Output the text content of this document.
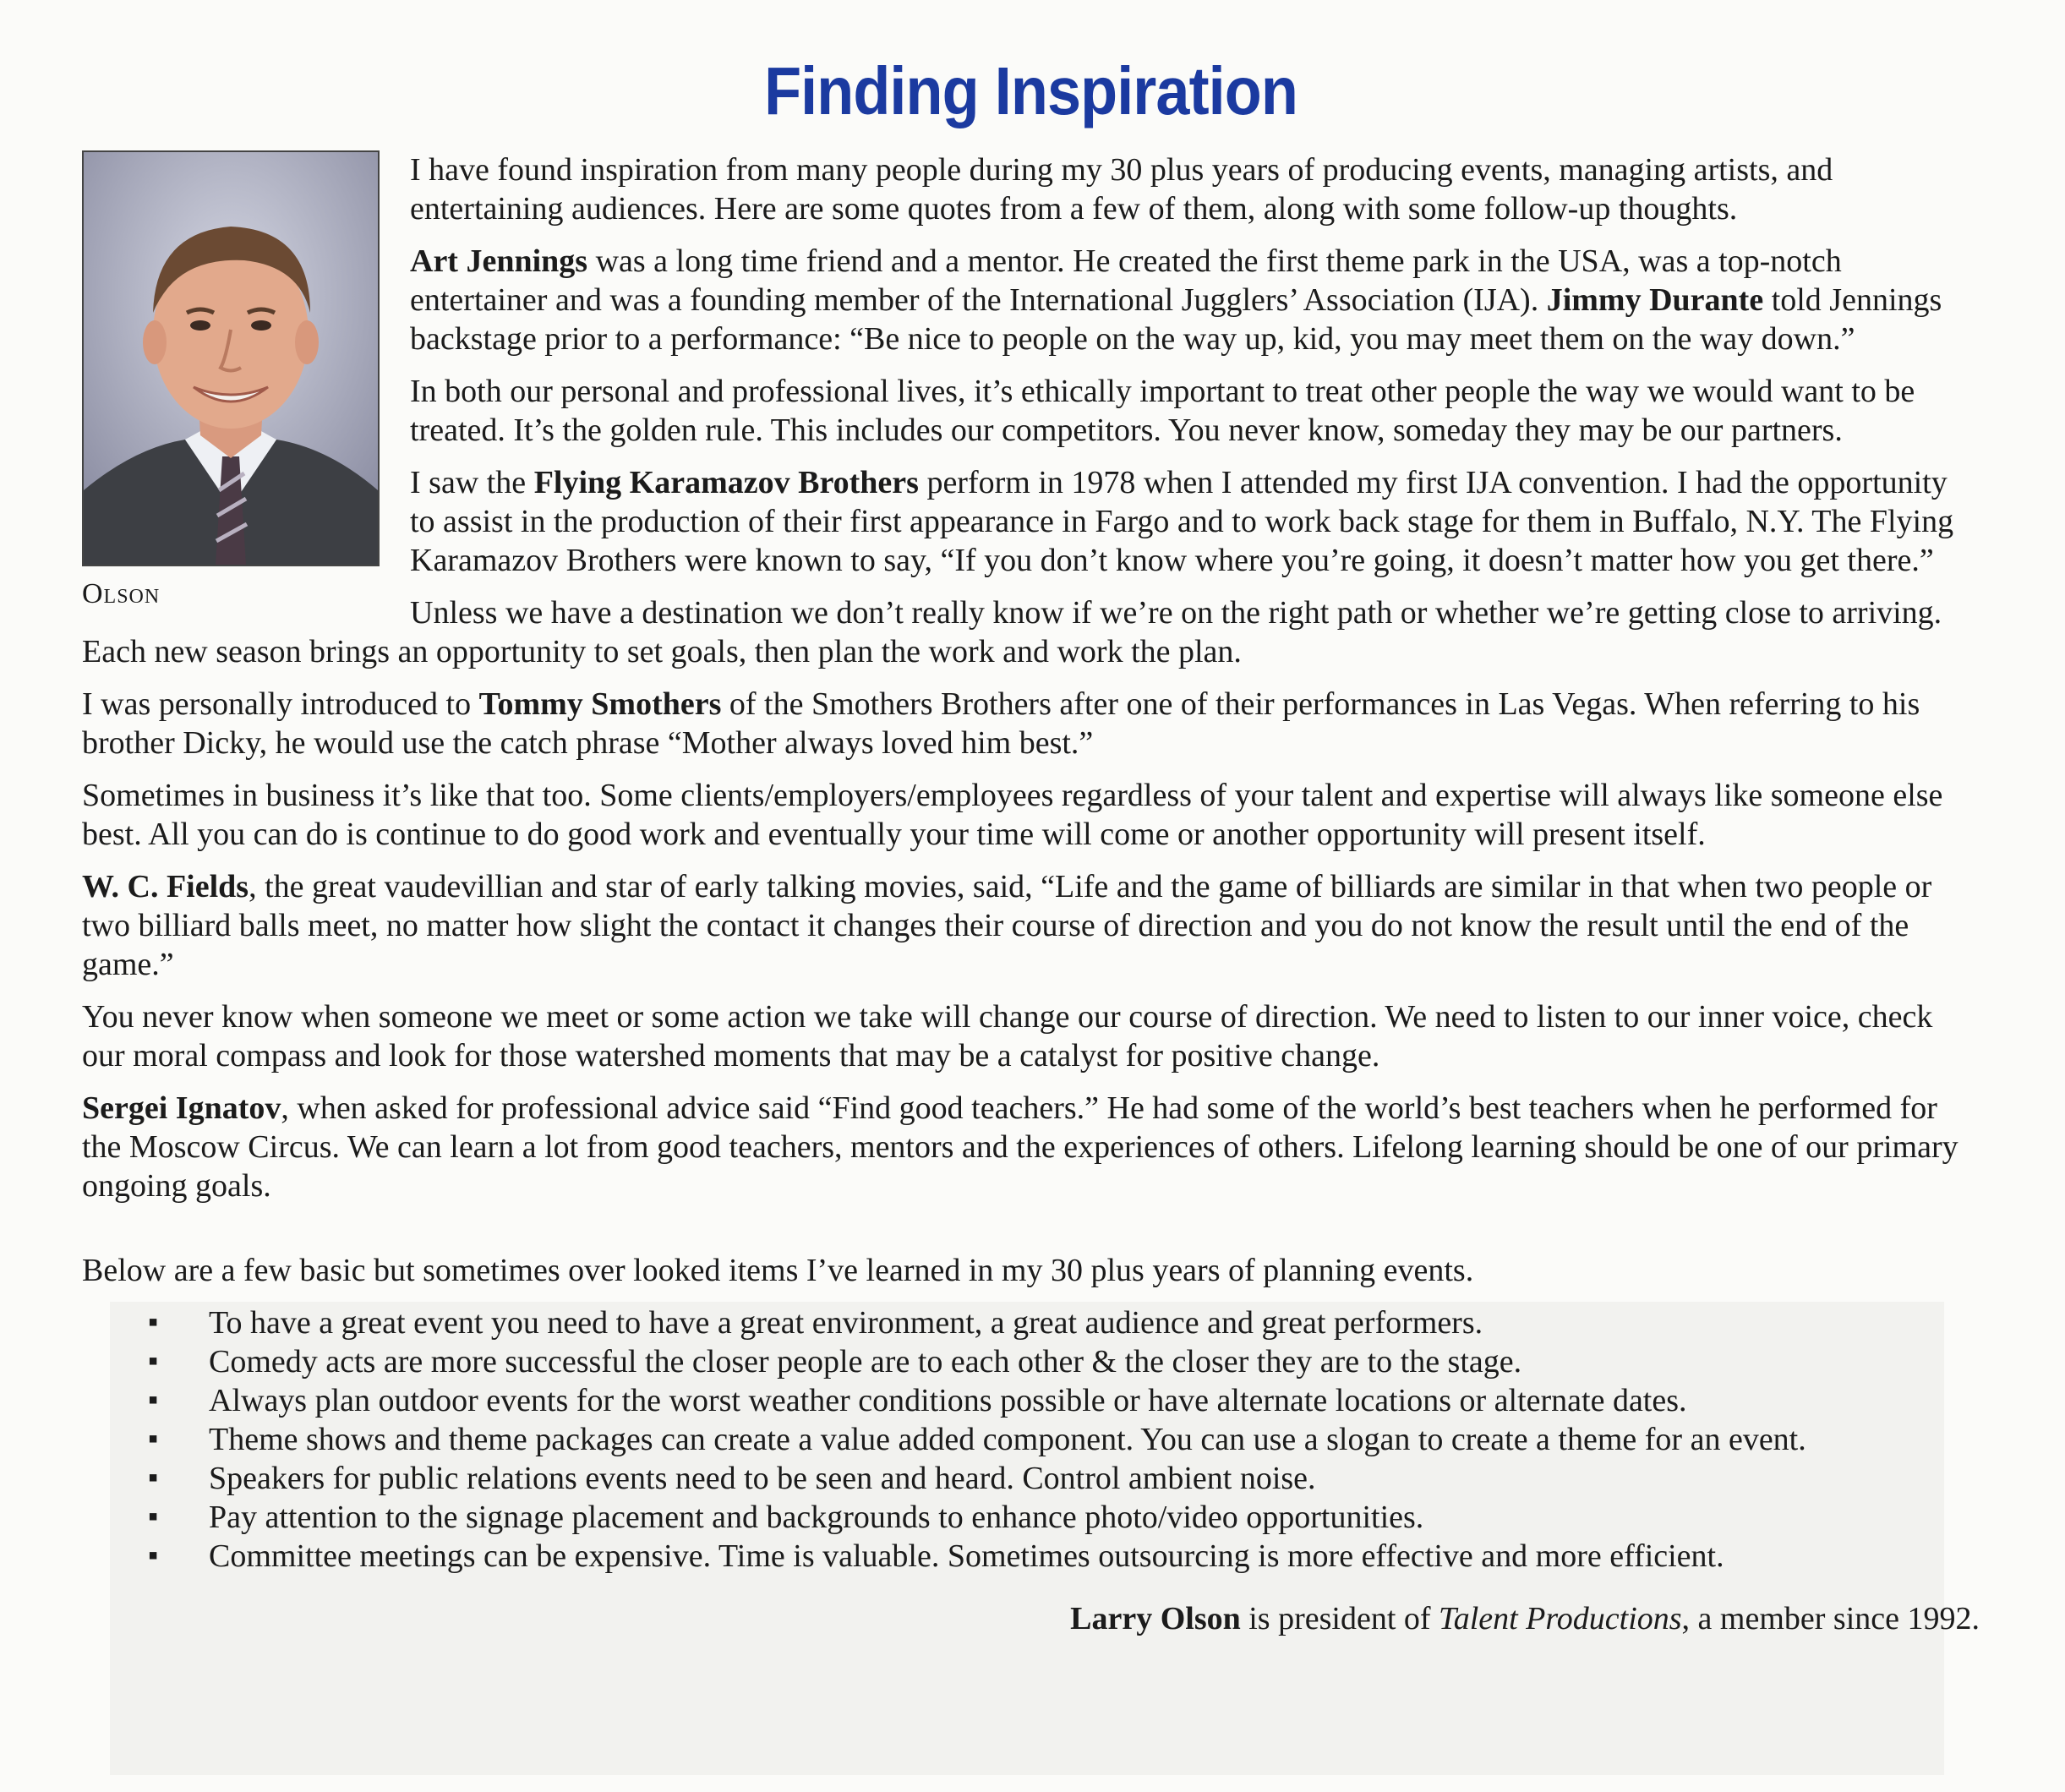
Finding Inspiration
Olson

I have found inspiration from many people during my 30 plus years of producing events, managing artists, and entertaining audiences. Here are some quotes from a few of them, along with some follow-up thoughts.

Art Jennings was a long time friend and a mentor. He created the first theme park in the USA, was a top-notch entertainer and was a founding member of the International Jugglers’ Association (IJA). Jimmy Durante told Jennings backstage prior to a performance: “Be nice to people on the way up, kid, you may meet them on the way down.”

In both our personal and professional lives, it’s ethically important to treat other people the way we would want to be treated. It’s the golden rule. This includes our competitors. You never know, someday they may be our partners.

I saw the Flying Karamazov Brothers perform in 1978 when I attended my first IJA convention. I had the opportunity to assist in the production of their first appearance in Fargo and to work back stage for them in Buffalo, N.Y. The Flying Karamazov Brothers were known to say, “If you don’t know where you’re going, it doesn’t matter how you get there.”

Unless we have a destination we don’t really know if we’re on the right path or whether we’re getting close to arriving. Each new season brings an opportunity to set goals, then plan the work and work the plan.

I was personally introduced to Tommy Smothers of the Smothers Brothers after one of their performances in Las Vegas. When referring to his brother Dicky, he would use the catch phrase “Mother always loved him best.”

Sometimes in business it’s like that too. Some clients/employers/employees regardless of your talent and expertise will always like someone else best. All you can do is continue to do good work and eventually your time will come or another opportunity will present itself.

W. C. Fields, the great vaudevillian and star of early talking movies, said, “Life and the game of billiards are similar in that when two people or two billiard balls meet, no matter how slight the contact it changes their course of direction and you do not know the result until the end of the game.”

You never know when someone we meet or some action we take will change our course of direction. We need to listen to our inner voice, check our moral compass and look for those watershed moments that may be a catalyst for positive change.

Sergei Ignatov, when asked for professional advice said “Find good teachers.” He had some of the world’s best teachers when he performed for the Moscow Circus. We can learn a lot from good teachers, mentors and the experiences of others. Lifelong learning should be one of our primary ongoing goals.

Below are a few basic but sometimes over looked items I’ve learned in my 30 plus years of planning events.

▪ To have a great event you need to have a great environment, a great audience and great performers.
▪ Comedy acts are more successful the closer people are to each other & the closer they are to the stage.
▪ Always plan outdoor events for the worst weather conditions possible or have alternate locations or alternate dates.
▪ Theme shows and theme packages can create a value added component. You can use a slogan to create a theme for an event.
▪ Speakers for public relations events need to be seen and heard. Control ambient noise.
▪ Pay attention to the signage placement and backgrounds to enhance photo/video opportunities.
▪ Committee meetings can be expensive. Time is valuable. Sometimes outsourcing is more effective and more efficient.

Larry Olson is president of Talent Productions, a member since 1992.
